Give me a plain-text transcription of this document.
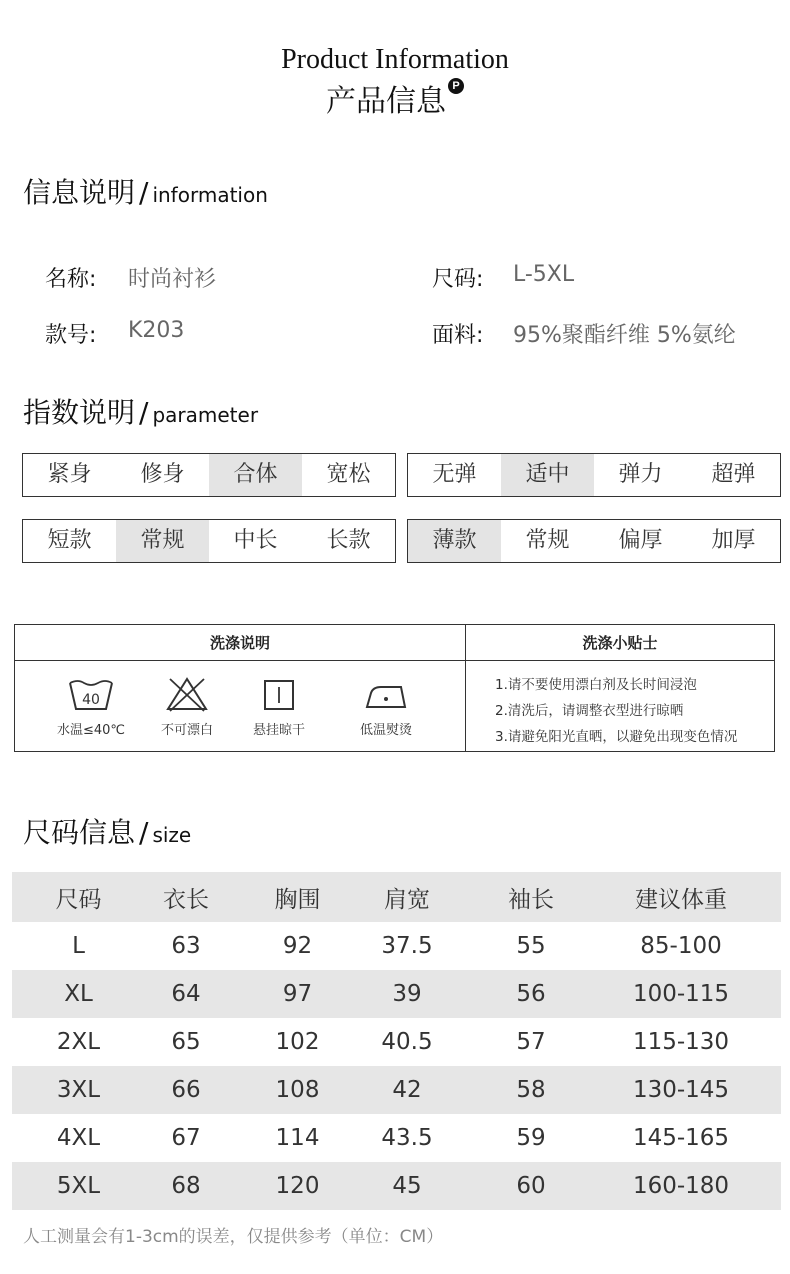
Product Information
产品信息 P
信息说明 / information
名称: 时尚衬衫	尺码: L-5XL
款号: K203	面料: 95%聚酯纤维 5%氨纶
指数说明 / parameter
紧身	修身	合体	宽松	无弹	适中	弹力	超弹
短款	常规	中长	长款	薄款	常规	偏厚	加厚
洗涤说明	洗涤小贴士
40
水温≤40℃	不可漂白	悬挂晾干	低温熨烫
1.请不要使用漂白剂及长时间浸泡
2.清洗后，请调整衣型进行晾晒
3.请避免阳光直晒，以避免出现变色情况
尺码信息 / size
尺码	衣长	胸围	肩宽	袖长	建议体重
L	63	92	37.5	55	85-100
XL	64	97	39	56	100-115
2XL	65	102	40.5	57	115-130
3XL	66	108	42	58	130-145
4XL	67	114	43.5	59	145-165
5XL	68	120	45	60	160-180
人工测量会有1-3cm的误差，仅提供参考（单位：CM）
